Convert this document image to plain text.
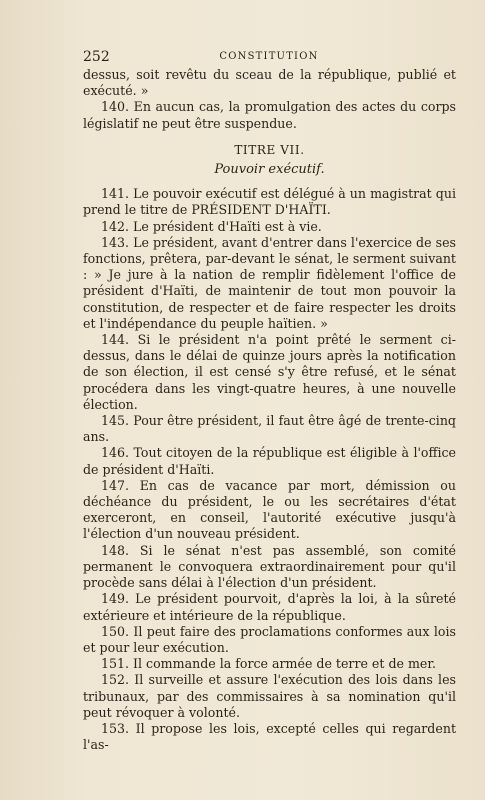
252	CONSTITUTION

dessus, soit revêtu du sceau de la république, publié et exécuté. »

140. En aucun cas, la promulgation des actes du corps législatif ne peut être suspendue.

TITRE VII.

Pouvoir exécutif.

141. Le pouvoir exécutif est délégué à un magistrat qui prend le titre de PRÉSIDENT D'HAÏTI.

142. Le président d'Haïti est à vie.

143. Le président, avant d'entrer dans l'exercice de ses fonctions, prêtera, par-devant le sénat, le serment suivant : » Je jure à la nation de remplir fidèlement l'office de président d'Haïti, de maintenir de tout mon pouvoir la constitution, de respecter et de faire respecter les droits et l'indépendance du peuple haïtien. »

144. Si le président n'a point prêté le serment ci-dessus, dans le délai de quinze jours après la notification de son élection, il est censé s'y être refusé, et le sénat procédera dans les vingt-quatre heures, à une nouvelle élection.

145. Pour être président, il faut être âgé de trente-cinq ans.

146. Tout citoyen de la république est éligible à l'office de président d'Haïti.

147. En cas de vacance par mort, démission ou déchéance du président, le ou les secrétaires d'état exerceront, en conseil, l'autorité exécutive jusqu'à l'élection d'un nouveau président.

148. Si le sénat n'est pas assemblé, son comité permanent le convoquera extraordinairement pour qu'il procède sans délai à l'élection d'un président.

149. Le président pourvoit, d'après la loi, à la sûreté extérieure et intérieure de la république.

150. Il peut faire des proclamations conformes aux lois et pour leur exécution.

151. Il commande la force armée de terre et de mer.

152. Il surveille et assure l'exécution des lois dans les tribunaux, par des commissaires à sa nomination qu'il peut révoquer à volonté.

153. Il propose les lois, excepté celles qui regardent l'as-
